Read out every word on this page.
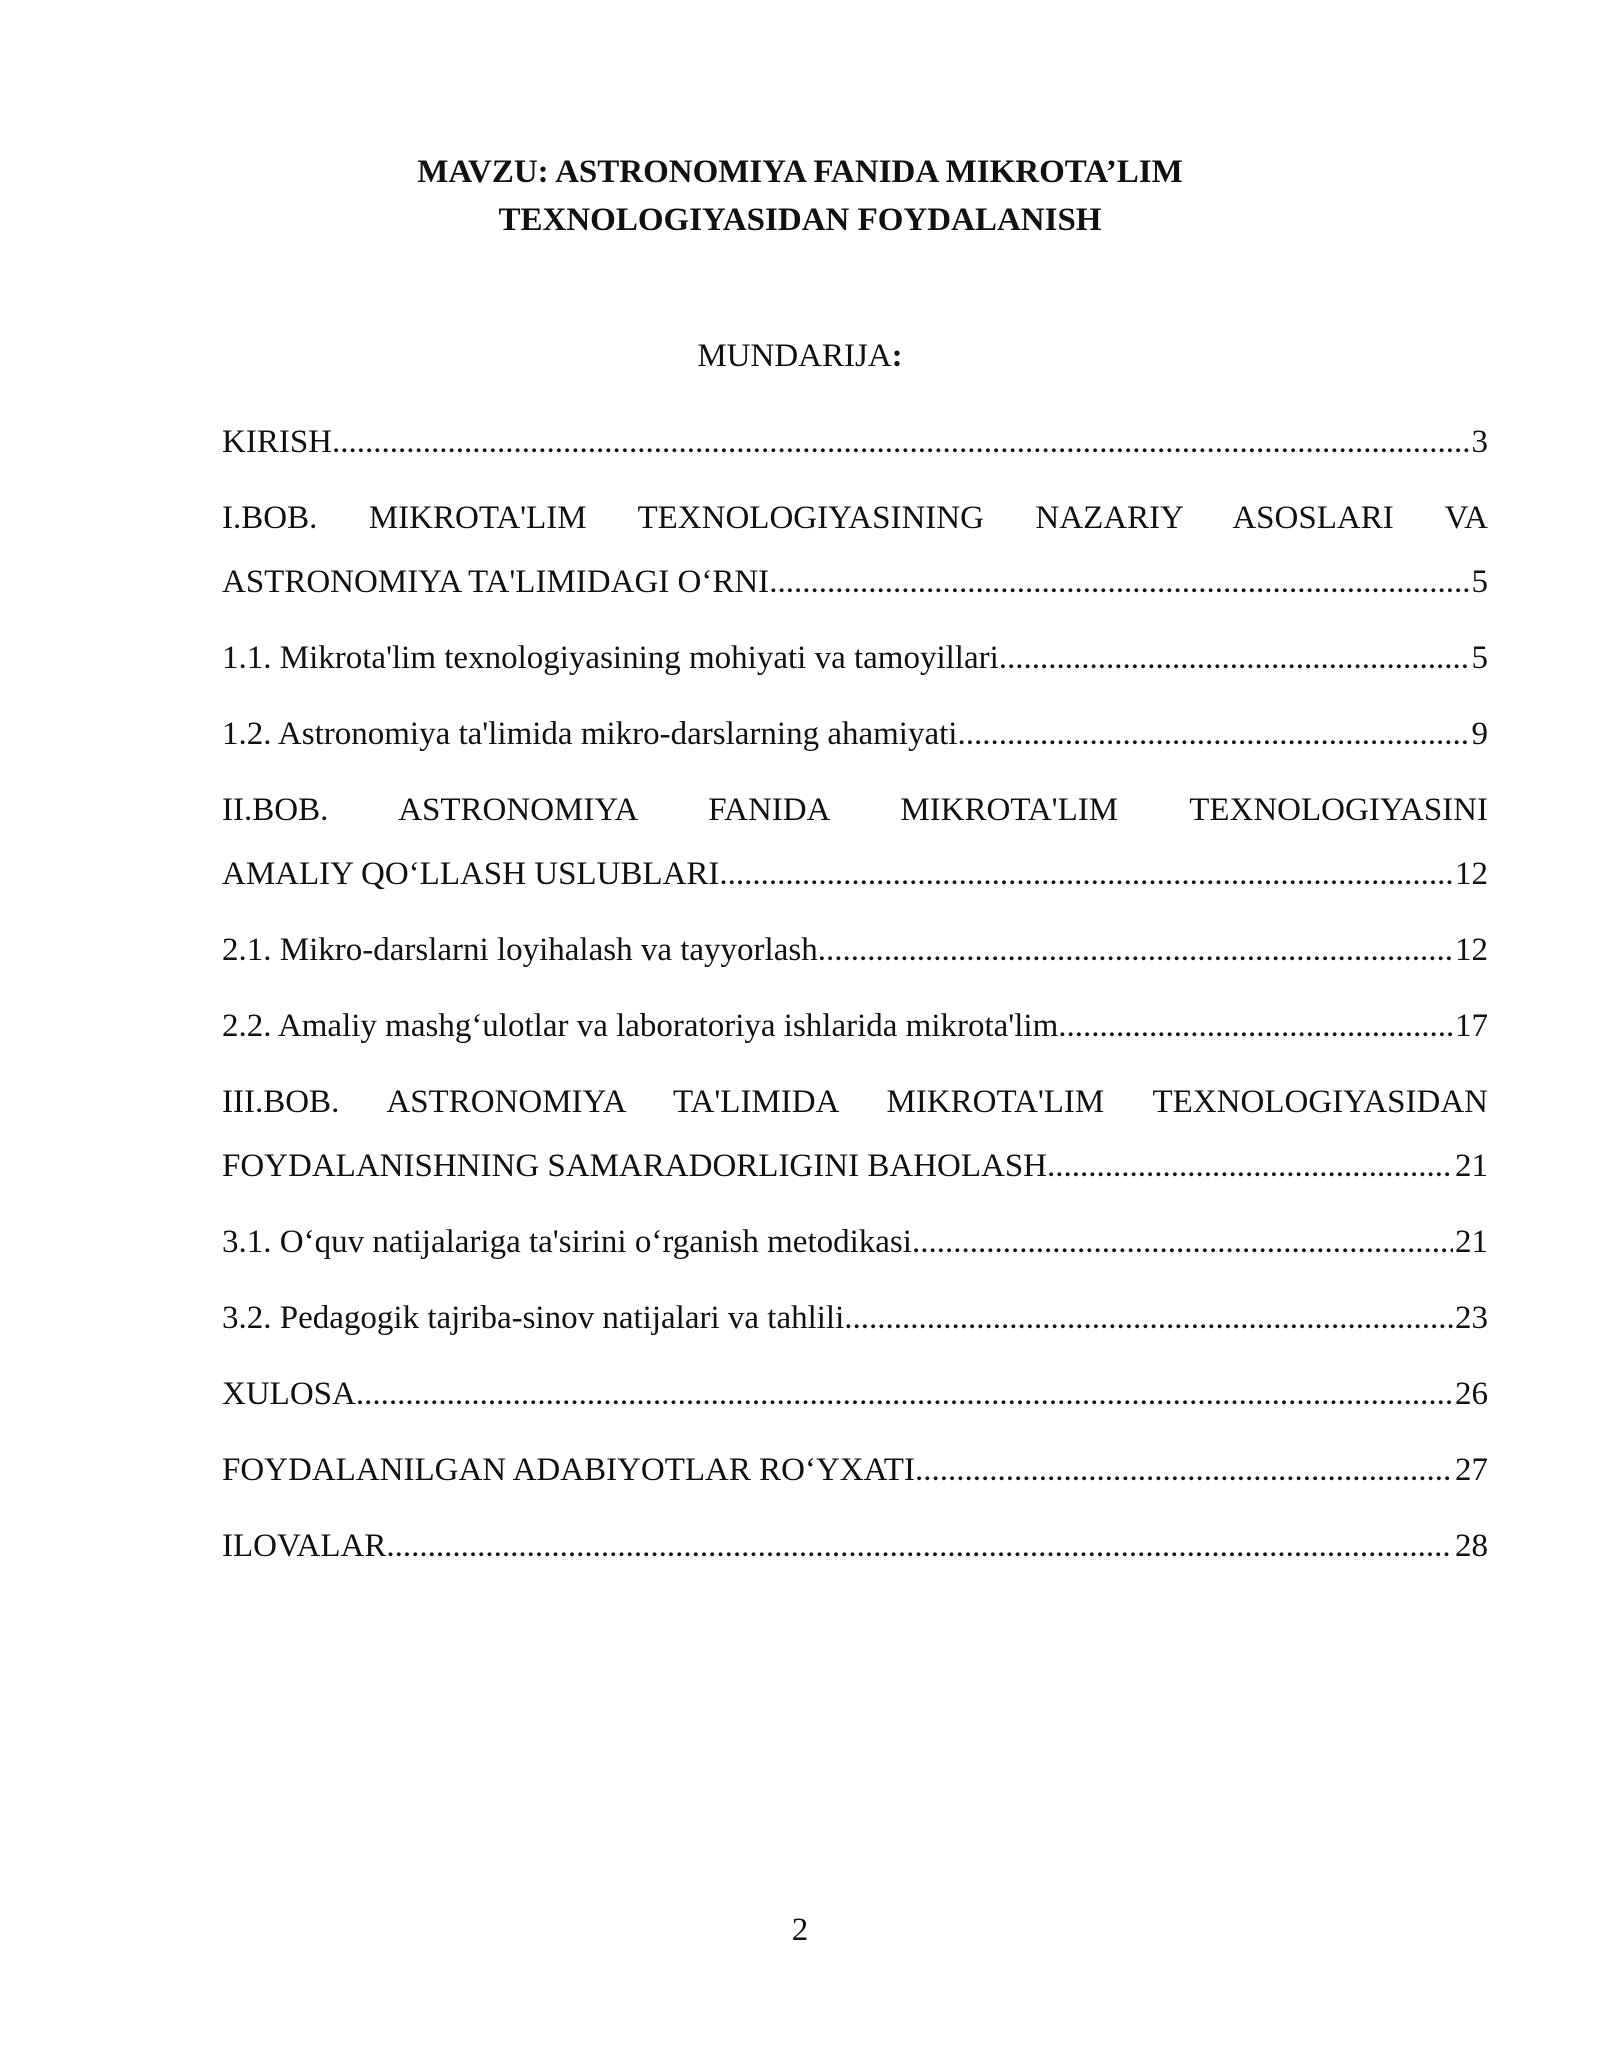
MAVZU: ASTRONOMIYA FANIDA MIKROTA’LIM
TEXNOLOGIYASIDAN FOYDALANISH
MUNDARIJA:
KIRISH .....	3
I.BOB. MIKROTA'LIM TEXNOLOGIYASINING NAZARIY ASOSLARI VA
ASTRONOMIYA TA'LIMIDAGI O‘RNI .....	5
1.1. Mikrota'lim texnologiyasining mohiyati va tamoyillari .....	5
1.2. Astronomiya ta'limida mikro-darslarning ahamiyati .....	9
II.BOB. ASTRONOMIYA FANIDA MIKROTA'LIM TEXNOLOGIYASINI
AMALIY QO‘LLASH USLUBLARI .....	12
2.1. Mikro-darslarni loyihalash va tayyorlash .....	12
2.2. Amaliy mashg‘ulotlar va laboratoriya ishlarida mikrota'lim .....	17
III.BOB. ASTRONOMIYA TA'LIMIDA MIKROTA'LIM TEXNOLOGIYASIDAN
FOYDALANISHNING SAMARADORLIGINI BAHOLASH .....	21
3.1. O‘quv natijalariga ta'sirini o‘rganish metodikasi .....	21
3.2. Pedagogik tajriba-sinov natijalari va tahlili .....	23
XULOSA .....	26
FOYDALANILGAN ADABIYOTLAR RO‘YXATI .....	27
ILOVALAR .....	28
2
